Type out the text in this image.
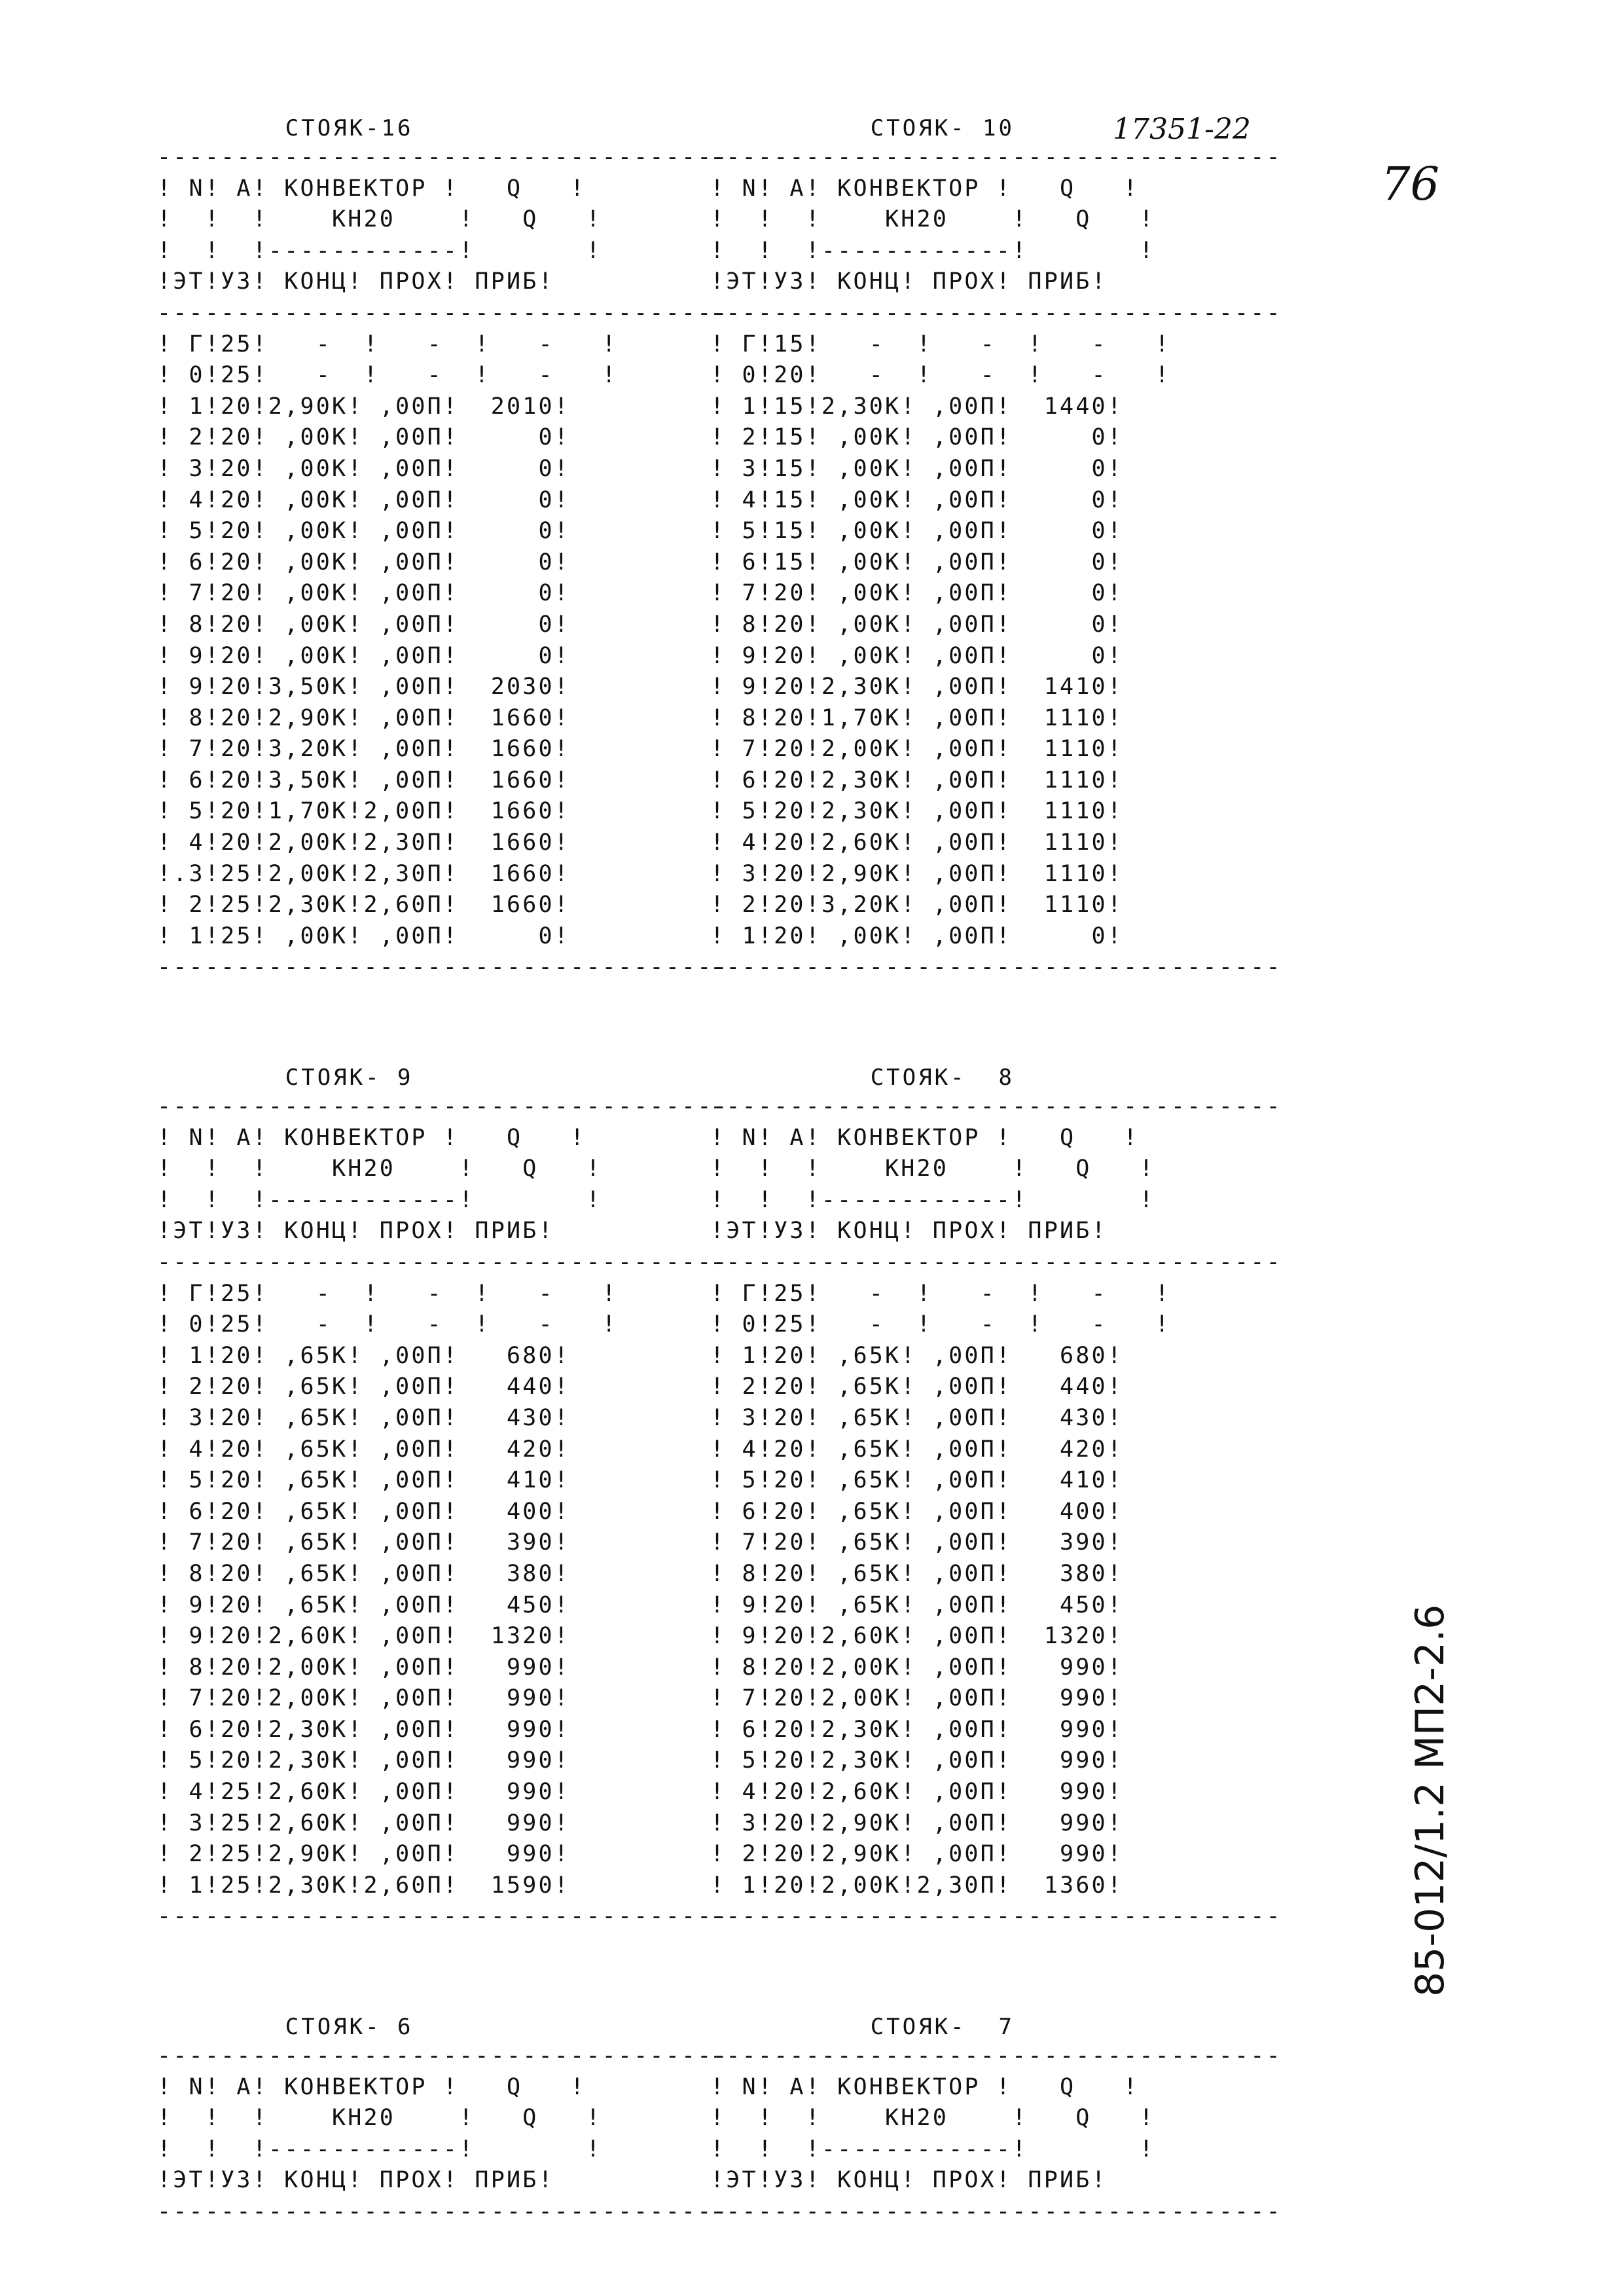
СТОЯК-16
------------------------------------
! N! А! КОНВЕКТОР !   Q   !
!  !  !    КН20    !   Q   !
!  !  !------------!       !
!ЭТ!УЗ! КОНЦ! ПРОХ! ПРИБ!
------------------------------------
! Г!25!   -  !   -  !   -   !
! 0!25!   -  !   -  !   -   !
! 1!20!2,90К! ,00П!  2010!
! 2!20! ,00К! ,00П!     0!
! 3!20! ,00К! ,00П!     0!
! 4!20! ,00К! ,00П!     0!
! 5!20! ,00К! ,00П!     0!
! 6!20! ,00К! ,00П!     0!
! 7!20! ,00К! ,00П!     0!
! 8!20! ,00К! ,00П!     0!
! 9!20! ,00К! ,00П!     0!
! 9!20!3,50К! ,00П!  2030!
! 8!20!2,90К! ,00П!  1660!
! 7!20!3,20К! ,00П!  1660!
! 6!20!3,50К! ,00П!  1660!
! 5!20!1,70К!2,00П!  1660!
! 4!20!2,00К!2,30П!  1660!
!.3!25!2,00К!2,30П!  1660!
! 2!25!2,30К!2,60П!  1660!
! 1!25! ,00К! ,00П!     0!
------------------------------------
СТОЯК- 10
------------------------------------
! N! А! КОНВЕКТОР !   Q   !
!  !  !    КН20    !   Q   !
!  !  !------------!       !
!ЭТ!УЗ! КОНЦ! ПРОХ! ПРИБ!
------------------------------------
! Г!15!   -  !   -  !   -   !
! 0!20!   -  !   -  !   -   !
! 1!15!2,30К! ,00П!  1440!
! 2!15! ,00К! ,00П!     0!
! 3!15! ,00К! ,00П!     0!
! 4!15! ,00К! ,00П!     0!
! 5!15! ,00К! ,00П!     0!
! 6!15! ,00К! ,00П!     0!
! 7!20! ,00К! ,00П!     0!
! 8!20! ,00К! ,00П!     0!
! 9!20! ,00К! ,00П!     0!
! 9!20!2,30К! ,00П!  1410!
! 8!20!1,70К! ,00П!  1110!
! 7!20!2,00К! ,00П!  1110!
! 6!20!2,30К! ,00П!  1110!
! 5!20!2,30К! ,00П!  1110!
! 4!20!2,60К! ,00П!  1110!
! 3!20!2,90К! ,00П!  1110!
! 2!20!3,20К! ,00П!  1110!
! 1!20! ,00К! ,00П!     0!
------------------------------------
СТОЯК- 9
------------------------------------
! N! А! КОНВЕКТОР !   Q   !
!  !  !    КН20    !   Q   !
!  !  !------------!       !
!ЭТ!УЗ! КОНЦ! ПРОХ! ПРИБ!
------------------------------------
! Г!25!   -  !   -  !   -   !
! 0!25!   -  !   -  !   -   !
! 1!20! ,65К! ,00П!   680!
! 2!20! ,65К! ,00П!   440!
! 3!20! ,65К! ,00П!   430!
! 4!20! ,65К! ,00П!   420!
! 5!20! ,65К! ,00П!   410!
! 6!20! ,65К! ,00П!   400!
! 7!20! ,65К! ,00П!   390!
! 8!20! ,65К! ,00П!   380!
! 9!20! ,65К! ,00П!   450!
! 9!20!2,60К! ,00П!  1320!
! 8!20!2,00К! ,00П!   990!
! 7!20!2,00К! ,00П!   990!
! 6!20!2,30К! ,00П!   990!
! 5!20!2,30К! ,00П!   990!
! 4!25!2,60К! ,00П!   990!
! 3!25!2,60К! ,00П!   990!
! 2!25!2,90К! ,00П!   990!
! 1!25!2,30К!2,60П!  1590!
------------------------------------
СТОЯК-  8
------------------------------------
! N! А! КОНВЕКТОР !   Q   !
!  !  !    КН20    !   Q   !
!  !  !------------!       !
!ЭТ!УЗ! КОНЦ! ПРОХ! ПРИБ!
------------------------------------
! Г!25!   -  !   -  !   -   !
! 0!25!   -  !   -  !   -   !
! 1!20! ,65К! ,00П!   680!
! 2!20! ,65К! ,00П!   440!
! 3!20! ,65К! ,00П!   430!
! 4!20! ,65К! ,00П!   420!
! 5!20! ,65К! ,00П!   410!
! 6!20! ,65К! ,00П!   400!
! 7!20! ,65К! ,00П!   390!
! 8!20! ,65К! ,00П!   380!
! 9!20! ,65К! ,00П!   450!
! 9!20!2,60К! ,00П!  1320!
! 8!20!2,00К! ,00П!   990!
! 7!20!2,00К! ,00П!   990!
! 6!20!2,30К! ,00П!   990!
! 5!20!2,30К! ,00П!   990!
! 4!20!2,60К! ,00П!   990!
! 3!20!2,90К! ,00П!   990!
! 2!20!2,90К! ,00П!   990!
! 1!20!2,00К!2,30П!  1360!
------------------------------------
СТОЯК- 6
------------------------------------
! N! А! КОНВЕКТОР !   Q   !
!  !  !    КН20    !   Q   !
!  !  !------------!       !
!ЭТ!УЗ! КОНЦ! ПРОХ! ПРИБ!
------------------------------------
СТОЯК-  7
------------------------------------
! N! А! КОНВЕКТОР !   Q   !
!  !  !    КН20    !   Q   !
!  !  !------------!       !
!ЭТ!УЗ! КОНЦ! ПРОХ! ПРИБ!
------------------------------------
17351-22
76
85-012/1.2 МП2-2.6
